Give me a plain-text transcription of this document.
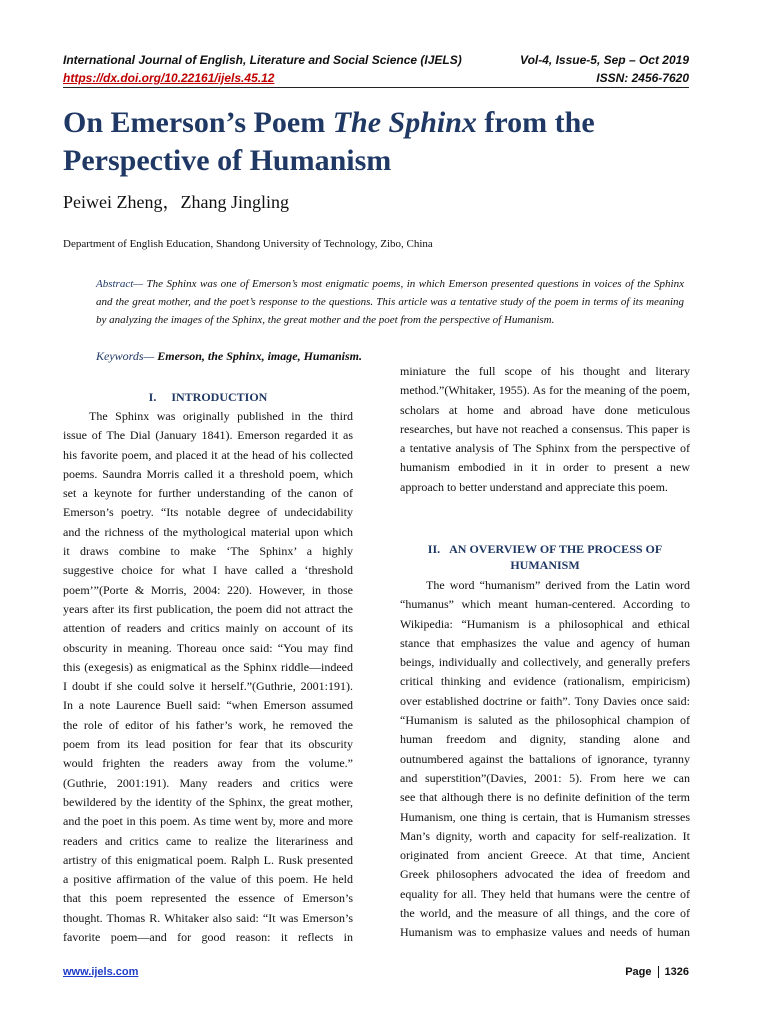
International Journal of English, Literature and Social Science (IJELS)	Vol-4, Issue-5, Sep – Oct 2019
https://dx.doi.org/10.22161/ijels.45.12	ISSN: 2456-7620
On Emerson’s Poem The Sphinx from the Perspective of Humanism

Peiwei Zheng，Zhang Jingling

Department of English Education, Shandong University of Technology, Zibo, China

Abstract— The Sphinx was one of Emerson’s most enigmatic poems, in which Emerson presented questions in voices of the Sphinx and the great mother, and the poet’s response to the questions. This article was a tentative study of the poem in terms of its meaning by analyzing the images of the Sphinx, the great mother and the poet from the perspective of Humanism.

Keywords— Emerson, the Sphinx, image, Humanism.

I. INTRODUCTION
The Sphinx was originally published in the third
issue of The Dial (January 1841). Emerson regarded it as
his favorite poem, and placed it at the head of his collected
poems. Saundra Morris called it a threshold poem, which
set a keynote for further understanding of the canon of
Emerson’s poetry. “Its notable degree of undecidability
and the richness of the mythological material upon which
it draws combine to make ‘The Sphinx’ a highly
suggestive choice for what I have called a ‘threshold
poem’”(Porte & Morris, 2004: 220). However, in those
years after its first publication, the poem did not attract the
attention of readers and critics mainly on account of its
obscurity in meaning. Thoreau once said: “You may find
this (exegesis) as enigmatical as the Sphinx riddle—indeed
I doubt if she could solve it herself.”(Guthrie, 2001:191).
In a note Laurence Buell said: “when Emerson assumed
the role of editor of his father’s work, he removed the
poem from its lead position for fear that its obscurity
would frighten the readers away from the volume.”
(Guthrie, 2001:191). Many readers and critics were
bewildered by the identity of the Sphinx, the great mother,
and the poet in this poem. As time went by, more and more
readers and critics came to realize the literariness and
artistry of this enigmatical poem. Ralph L. Rusk presented
a positive affirmation of the value of this poem. He held
that this poem represented the essence of Emerson’s
thought. Thomas R. Whitaker also said: “It was Emerson’s
favorite poem—and for good reason: it reflects in
miniature the full scope of his thought and literary
method.”(Whitaker, 1955). As for the meaning of the poem,
scholars at home and abroad have done meticulous
researches, but have not reached a consensus. This paper is
a tentative analysis of The Sphinx from the perspective of
humanism embodied in it in order to present a new
approach to better understand and appreciate this poem.
II. AN OVERVIEW OF THE PROCESS OF
HUMANISM
The word “humanism” derived from the Latin word
“humanus” which meant human-centered. According to
Wikipedia: “Humanism is a philosophical and ethical
stance that emphasizes the value and agency of human
beings, individually and collectively, and generally prefers
critical thinking and evidence (rationalism, empiricism)
over established doctrine or faith”. Tony Davies once said:
“Humanism is saluted as the philosophical champion of
human freedom and dignity, standing alone and
outnumbered against the battalions of ignorance, tyranny
and superstition”(Davies, 2001: 5). From here we can
see that although there is no definite definition of the term
Humanism, one thing is certain, that is Humanism stresses
Man’s dignity, worth and capacity for self-realization. It
originated from ancient Greece. At that time, Ancient
Greek philosophers advocated the idea of freedom and
equality for all. They held that humans were the centre of
the world, and the measure of all things, and the core of
Humanism was to emphasize values and needs of human
www.ijels.com	Page 1326
